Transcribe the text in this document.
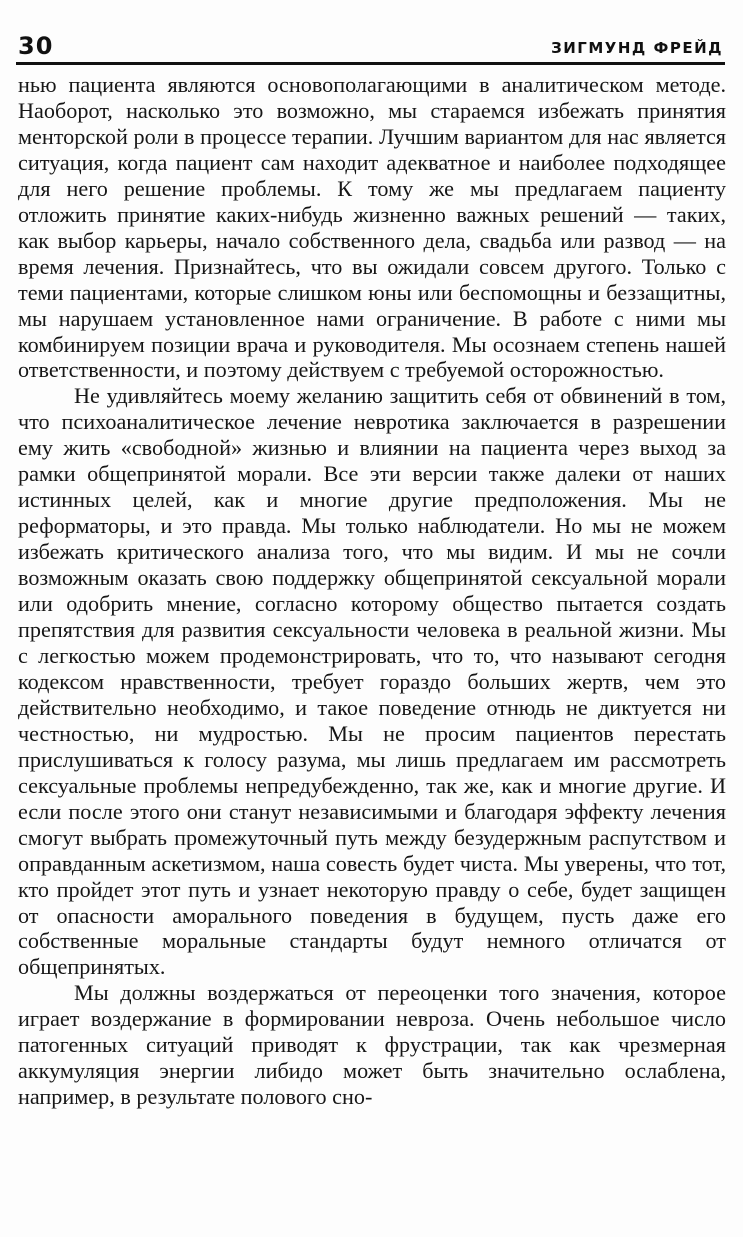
30	ЗИГМУНД ФРЕЙД

нью пациента являются основополагающими в аналитическом методе. Наоборот, насколько это возможно, мы стараемся избежать принятия менторской роли в процессе терапии. Лучшим вариантом для нас является ситуация, когда пациент сам находит адекватное и наиболее подходящее для него решение проблемы. К тому же мы предлагаем пациенту отложить принятие каких-нибудь жизненно важных решений — таких, как выбор карьеры, начало собственного дела, свадьба или развод — на время лечения. Признайтесь, что вы ожидали совсем другого. Только с теми пациентами, которые слишком юны или беспомощны и беззащитны, мы нарушаем установленное нами ограничение. В работе с ними мы комбинируем позиции врача и руководителя. Мы осознаем степень нашей ответственности, и поэтому действуем с требуемой осторожностью.

Не удивляйтесь моему желанию защитить себя от обвинений в том, что психоаналитическое лечение невротика заключается в разрешении ему жить «свободной» жизнью и влиянии на пациента через выход за рамки общепринятой морали. Все эти версии также далеки от наших истинных целей, как и многие другие предположения. Мы не реформаторы, и это правда. Мы только наблюдатели. Но мы не можем избежать критического анализа того, что мы видим. И мы не сочли возможным оказать свою поддержку общепринятой сексуальной морали или одобрить мнение, согласно которому общество пытается создать препятствия для развития сексуальности человека в реальной жизни. Мы с легкостью можем продемонстрировать, что то, что называют сегодня кодексом нравственности, требует гораздо больших жертв, чем это действительно необходимо, и такое поведение отнюдь не диктуется ни честностью, ни мудростью. Мы не просим пациентов перестать прислушиваться к голосу разума, мы лишь предлагаем им рассмотреть сексуальные проблемы непредубежденно, так же, как и многие другие. И если после этого они станут независимыми и благодаря эффекту лечения смогут выбрать промежуточный путь между безудержным распутством и оправданным аскетизмом, наша совесть будет чиста. Мы уверены, что тот, кто пройдет этот путь и узнает некоторую правду о себе, будет защищен от опасности аморального поведения в будущем, пусть даже его собственные моральные стандарты будут немного отличатся от общепринятых.

Мы должны воздержаться от переоценки того значения, которое играет воздержание в формировании невроза. Очень небольшое число патогенных ситуаций приводят к фрустрации, так как чрезмерная аккумуляция энергии либидо может быть значительно ослаблена, например, в результате полового сно-
